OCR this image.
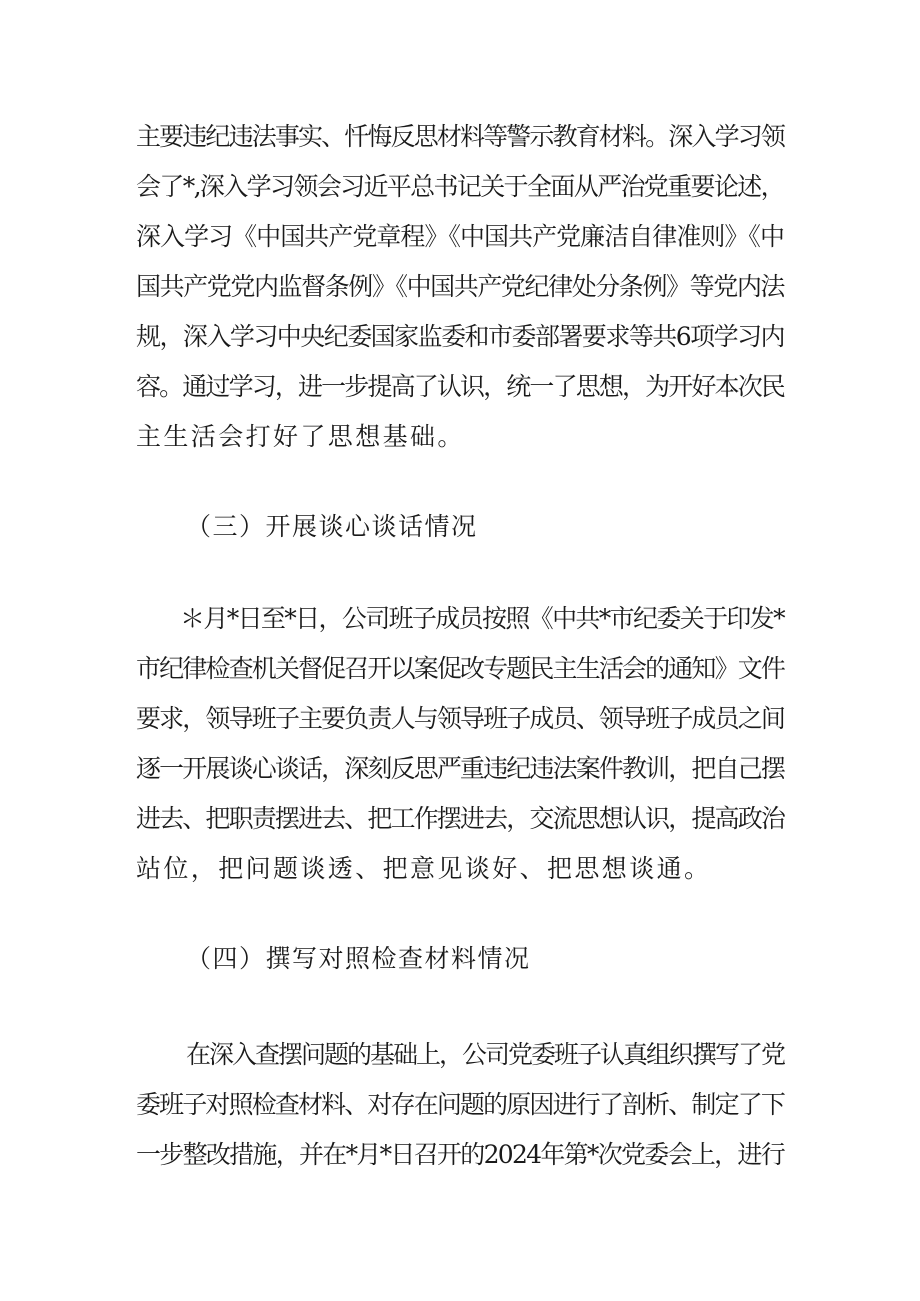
主要违纪违法事实、忏悔反思材料等警示教育材料。深入学习领
会了*,深入学习领会习近平总书记关于全面从严治党重要论述，
深入学习《中国共产党章程》《中国共产党廉洁自律准则》《中
国共产党党内监督条例》《中国共产党纪律处分条例》等党内法
规，深入学习中央纪委国家监委和市委部署要求等共6项学习内
容。通过学习，进一步提高了认识，统一了思想，为开好本次民
主生活会打好了思想基础。
（三）开展谈心谈话情况
＊月*日至*日，公司班子成员按照《中共*市纪委关于印发*
市纪律检查机关督促召开以案促改专题民主生活会的通知》文件
要求，领导班子主要负责人与领导班子成员、领导班子成员之间
逐一开展谈心谈话，深刻反思严重违纪违法案件教训，把自己摆
进去、把职责摆进去、把工作摆进去，交流思想认识，提高政治
站位，把问题谈透、把意见谈好、把思想谈通。
（四）撰写对照检查材料情况
在深入查摆问题的基础上，公司党委班子认真组织撰写了党
委班子对照检查材料、对存在问题的原因进行了剖析、制定了下
一步整改措施，并在*月*日召开的2024年第*次党委会上，进行
